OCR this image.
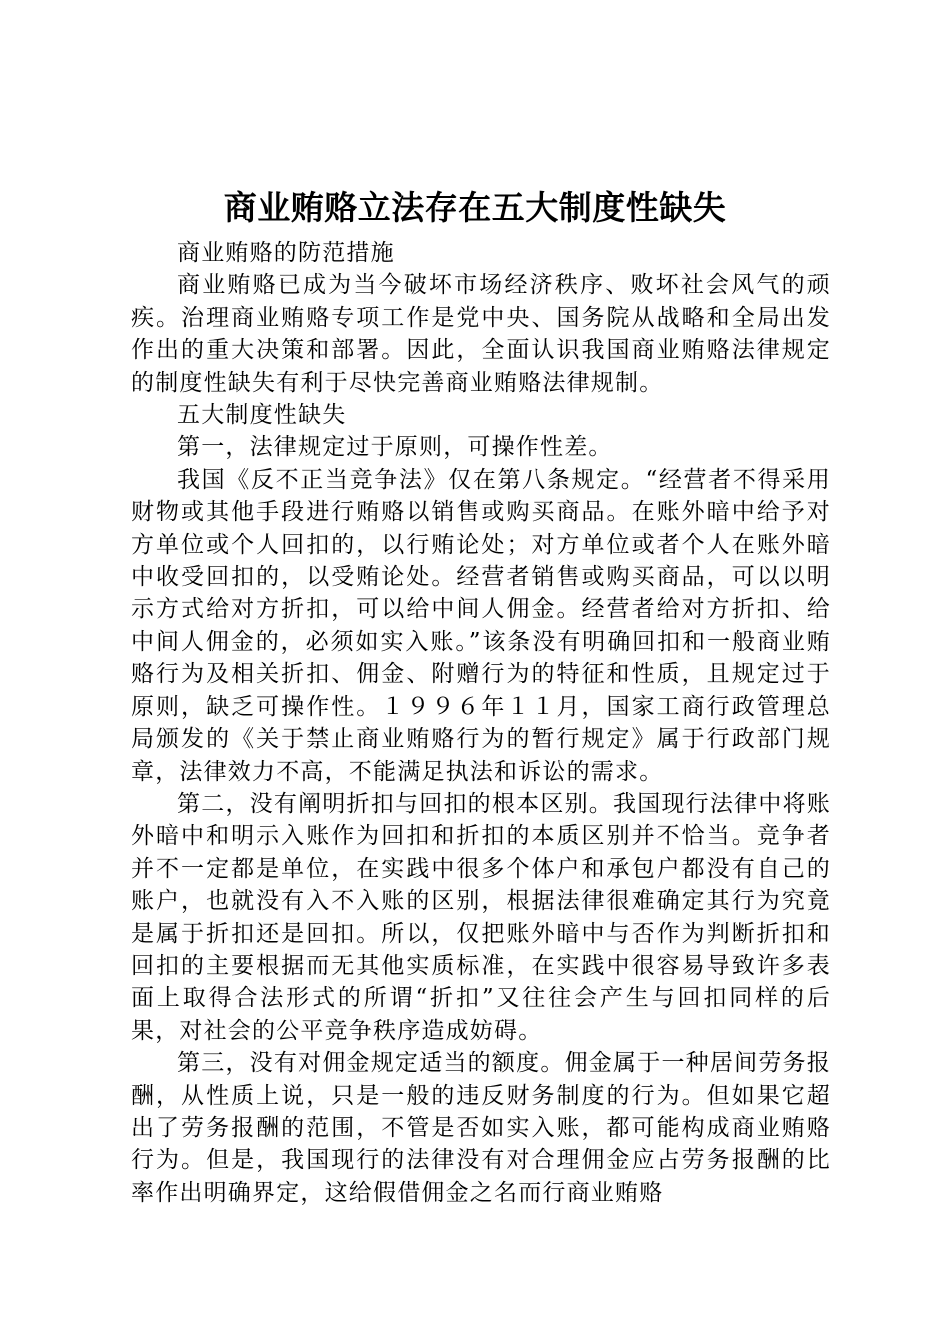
商业贿赂立法存在五大制度性缺失

商业贿赂的防范措施

商业贿赂已成为当今破坏市场经济秩序、败坏社会风气的顽疾。治理商业贿赂专项工作是党中央、国务院从战略和全局出发作出的重大决策和部署。因此，全面认识我国商业贿赂法律规定的制度性缺失有利于尽快完善商业贿赂法律规制。

五大制度性缺失

第一，法律规定过于原则，可操作性差。

我国《反不正当竞争法》仅在第八条规定。“经营者不得采用财物或其他手段进行贿赂以销售或购买商品。在账外暗中给予对方单位或个人回扣的，以行贿论处；对方单位或者个人在账外暗中收受回扣的，以受贿论处。经营者销售或购买商品，可以以明示方式给对方折扣，可以给中间人佣金。经营者给对方折扣、给中间人佣金的，必须如实入账。”该条没有明确回扣和一般商业贿赂行为及相关折扣、佣金、附赠行为的特征和性质，且规定过于原则，缺乏可操作性。１９９６年１１月，国家工商行政管理总局颁发的《关于禁止商业贿赂行为的暂行规定》属于行政部门规章，法律效力不高，不能满足执法和诉讼的需求。

第二，没有阐明折扣与回扣的根本区别。我国现行法律中将账外暗中和明示入账作为回扣和折扣的本质区别并不恰当。竞争者并不一定都是单位，在实践中很多个体户和承包户都没有自己的账户，也就没有入不入账的区别，根据法律很难确定其行为究竟是属于折扣还是回扣。所以，仅把账外暗中与否作为判断折扣和回扣的主要根据而无其他实质标准，在实践中很容易导致许多表面上取得合法形式的所谓“折扣”又往往会产生与回扣同样的后果，对社会的公平竞争秩序造成妨碍。

第三，没有对佣金规定适当的额度。佣金属于一种居间劳务报酬，从性质上说，只是一般的违反财务制度的行为。但如果它超出了劳务报酬的范围，不管是否如实入账，都可能构成商业贿赂行为。但是，我国现行的法律没有对合理佣金应占劳务报酬的比率作出明确界定，这给假借佣金之名而行商业贿赂
